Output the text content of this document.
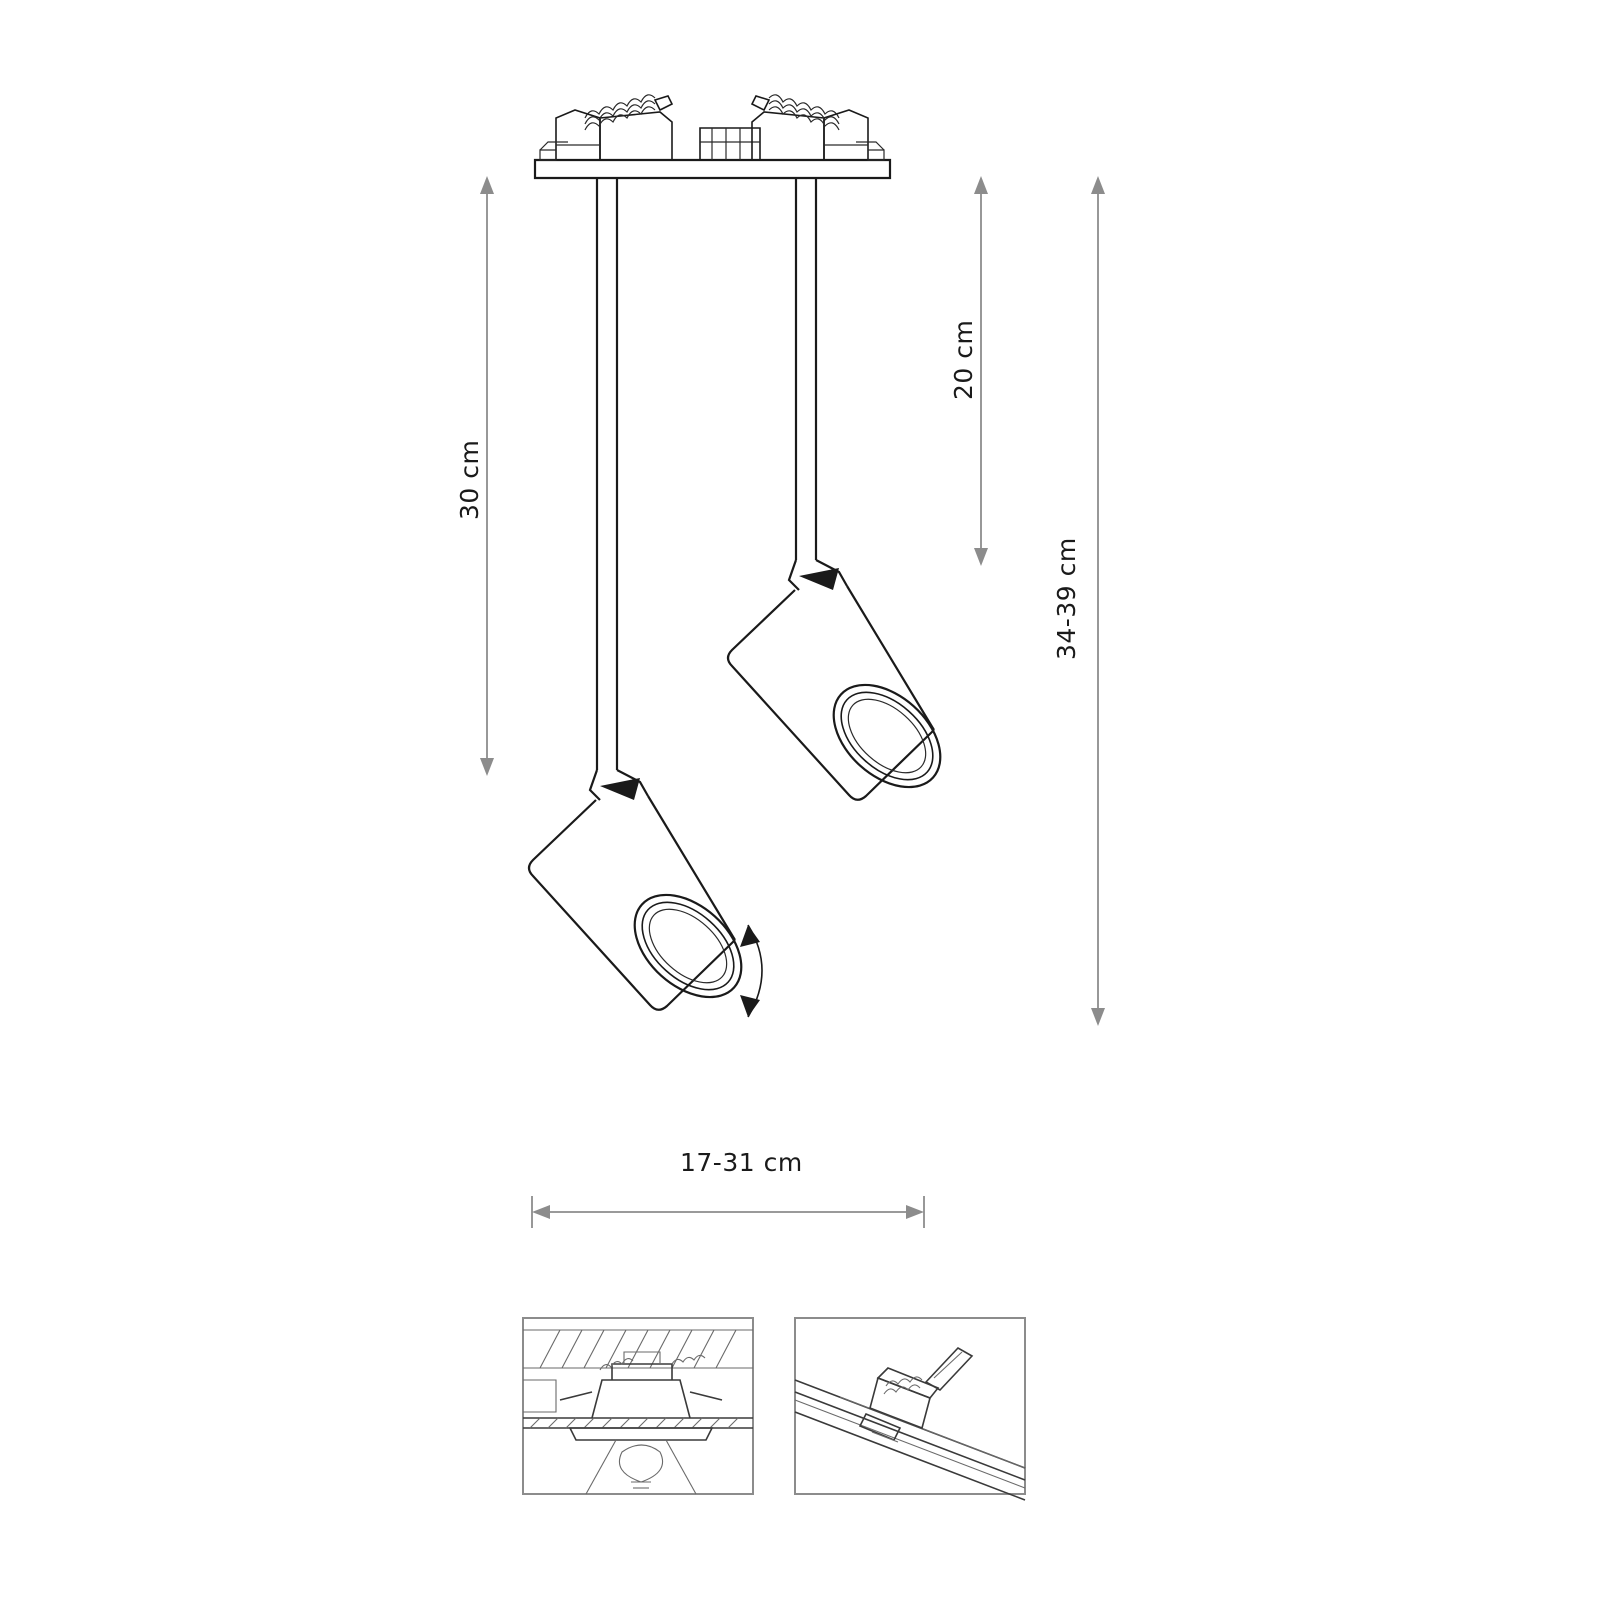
30 cm
20 cm
34-39 cm
17-31 cm
